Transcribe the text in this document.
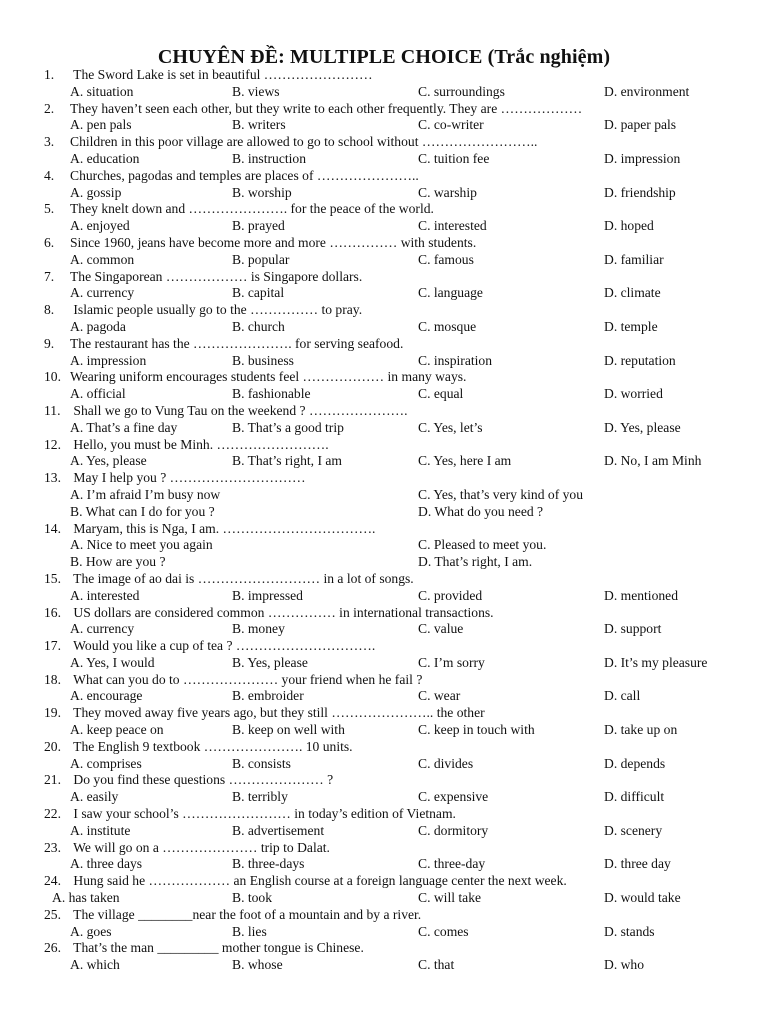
CHUYÊN ĐỀ: MULTIPLE CHOICE (Trắc nghiệm)
1. The Sword Lake is set in beautiful ……………………
A. situation	B. views	C. surroundings	D. environment
2. They haven’t seen each other, but they write to each other frequently. They are ………………
A. pen pals	B. writers	C. co-writer	D. paper pals
3. Children in this poor village are allowed to go to school without ……………………..
A. education	B. instruction	C. tuition fee	D. impression
4. Churches, pagodas and temples are places of …………………..
A. gossip	B. worship	C. warship	D. friendship
5. They knelt down and …………………. for the peace of the world.
A. enjoyed	B. prayed	C. interested	D. hoped
6. Since 1960, jeans have become more and more …………… with students.
A. common	B. popular	C. famous	D. familiar
7. The Singaporean ……………… is Singapore dollars.
A. currency	B. capital	C. language	D. climate
8. Islamic people usually go to the …………… to pray.
A. pagoda	B. church	C. mosque	D. temple
9. The restaurant has the …………………. for serving seafood.
A. impression	B. business	C. inspiration	D. reputation
10. Wearing uniform encourages students feel ……………… in many ways.
A. official	B. fashionable	C. equal	D. worried
11. Shall we go to Vung Tau on the weekend ? ………………….
A. That’s a fine day	B. That’s a good trip	C. Yes, let’s	D. Yes, please
12. Hello, you must be Minh. …………………….
A. Yes, please	B. That’s right, I am	C. Yes, here I am	D. No, I am Minh
13. May I help you ? …………………………
A. I’m afraid I’m busy now	C. Yes, that’s very kind of you
B. What can I do for you ?	D. What do you need ?
14. Maryam, this is Nga, I am. …………………………….
A. Nice to meet you again	C. Pleased to meet you.
B. How are you ?	D. That’s right, I am.
15. The image of ao dai is ……………………… in a lot of songs.
A. interested	B. impressed	C. provided	D. mentioned
16. US dollars are considered common …………… in international transactions.
A. currency	B. money	C. value	D. support
17. Would you like a cup of tea ? ………………………….
A. Yes, I would	B. Yes, please	C. I’m sorry	D. It’s my pleasure
18. What can you do to ………………… your friend when he fail ?
A. encourage	B. embroider	C. wear	D. call
19. They moved away five years ago, but they still ………………….. the other
A. keep peace on	B. keep on well with	C. keep in touch with	D. take up on
20. The English 9 textbook …………………. 10 units.
A. comprises	B. consists	C. divides	D. depends
21. Do you find these questions ………………… ?
A. easily	B. terribly	C. expensive	D. difficult
22. I saw your school’s …………………… in today’s edition of Vietnam.
A. institute	B. advertisement	C. dormitory	D. scenery
23. We will go on a ………………… trip to Dalat.
A. three days	B. three-days	C. three-day	D. three day
24. Hung said he ……………… an English course at a foreign language center the next week.
A. has taken	B. took	C. will take	D. would take
25. The village ________near the foot of a mountain and by a river.
A. goes	B. lies	C. comes	D. stands
26. That’s the man _________ mother tongue is Chinese.
A. which	B. whose	C. that	D. who
